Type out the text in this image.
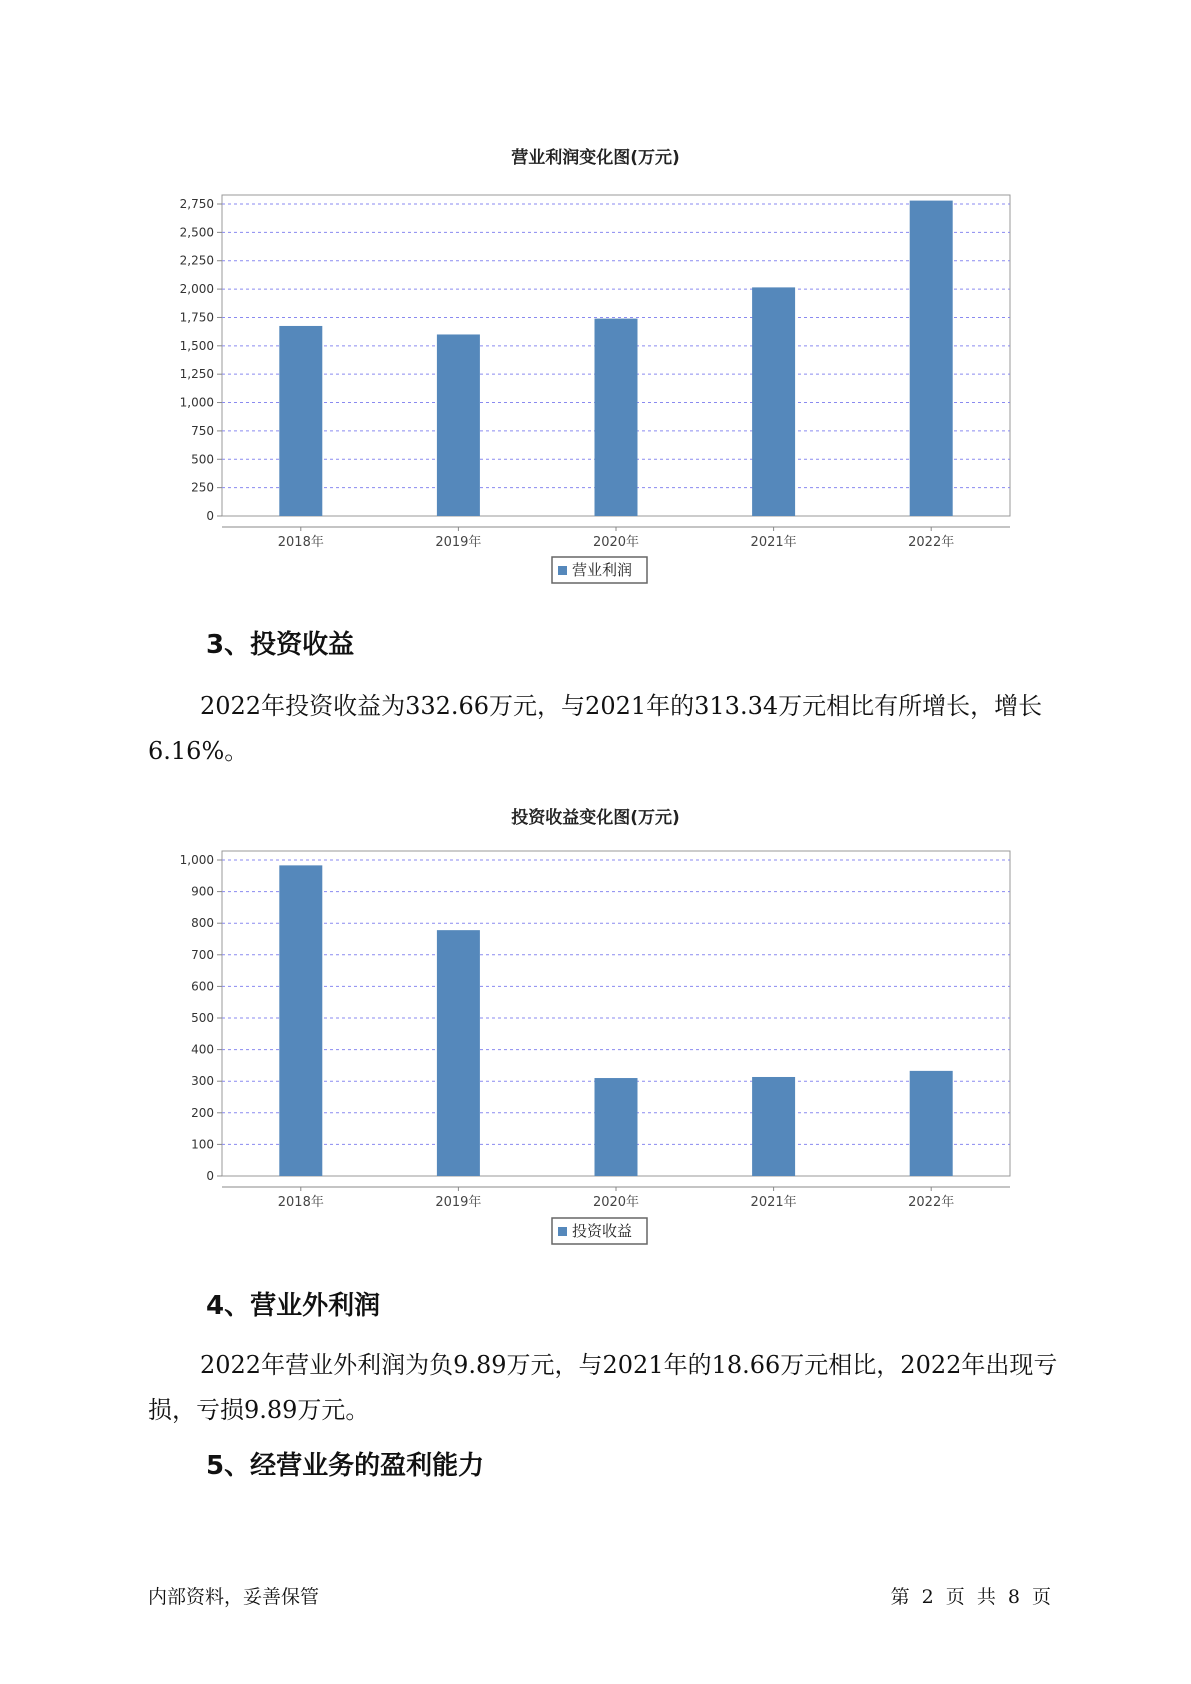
营业利润变化图(万元)
0
250
500
750
1,000
1,250
1,500
1,750
2,000
2,250
2,500
2,750
2018年	2019年	2020年	2021年	2022年
营业利润
3、投资收益
2022年投资收益为332.66万元，与2021年的313.34万元相比有所增长，增长6.16%。
投资收益变化图(万元)
0
100
200
300
400
500
600
700
800
900
1,000
2018年	2019年	2020年	2021年	2022年
投资收益
4、营业外利润
2022年营业外利润为负9.89万元，与2021年的18.66万元相比，2022年出现亏损，亏损9.89万元。
5、经营业务的盈利能力
内部资料，妥善保管	第 2 页 共 8 页
